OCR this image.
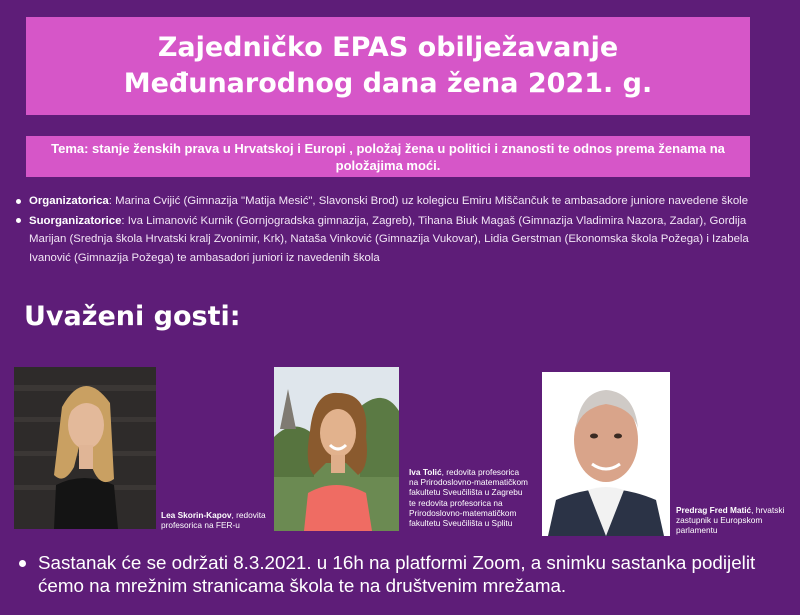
Zajedničko EPAS obilježavanje
Međunarodnog dana žena 2021. g.
Tema: stanje ženskih prava u Hrvatskoj i Europi , položaj žena u politici i znanosti te odnos prema ženama na položajima moći.
Organizatorica: Marina Cvijić (Gimnazija "Matija Mesić", Slavonski Brod) uz kolegicu Emiru Miščančuk te ambasadore juniore navedene škole
Suorganizatorice: Iva Limanović Kurnik (Gornjogradska gimnazija, Zagreb), Tihana Biuk Magaš (Gimnazija Vladimira Nazora, Zadar), Gordija Marijan (Srednja škola Hrvatski kralj Zvonimir, Krk), Nataša Vinković (Gimnazija Vukovar), Lidia Gerstman (Ekonomska škola Požega) i Izabela Ivanović (Gimnazija Požega) te ambasadori juniori iz navedenih škola
Uvaženi gosti:
Lea Skorin-Kapov, redovita profesorica na FER-u
Iva Tolić, redovita profesorica na Prirodoslovno-matematičkom fakultetu Sveučilišta u Zagrebu te redovita profesorica na Prirodoslovno-matematičkom fakultetu Sveučilišta u Splitu
Predrag Fred Matić, hrvatski zastupnik u Europskom parlamentu
Sastanak će se održati 8.3.2021. u 16h na platformi Zoom, a snimku sastanka podijelit ćemo na mrežnim stranicama škola te na društvenim mrežama.
